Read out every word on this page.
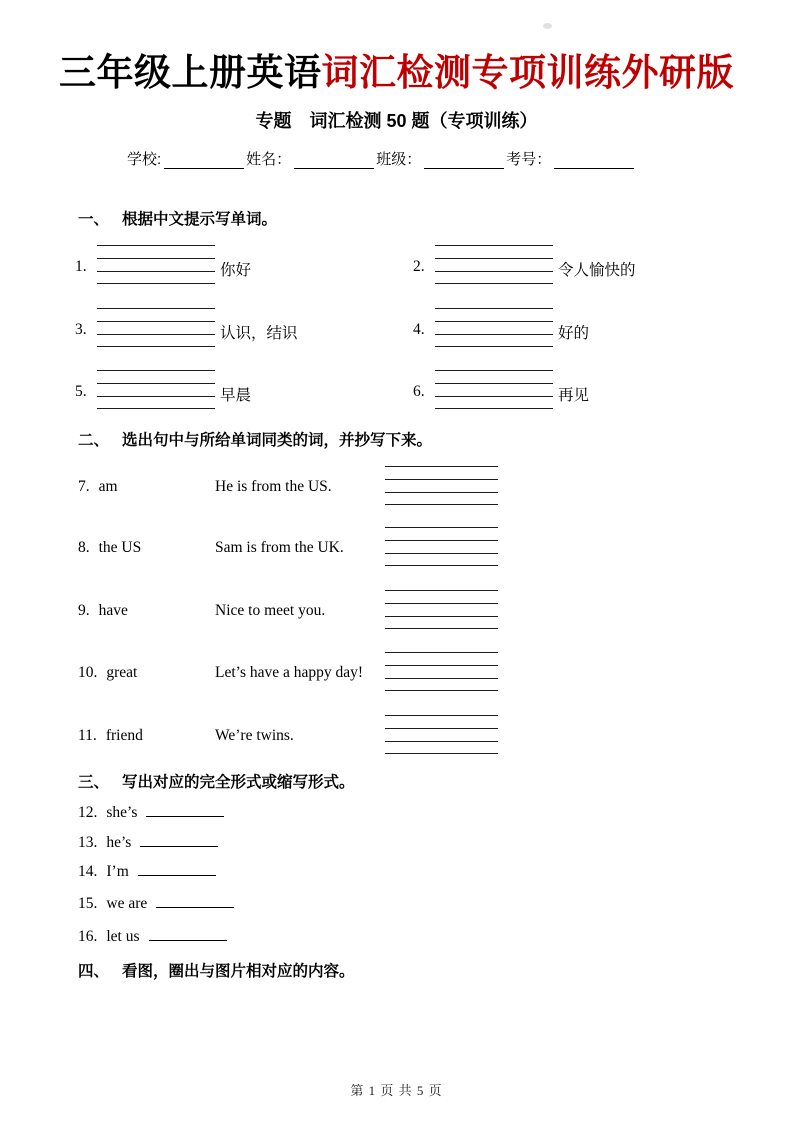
三年级上册英语词汇检测专项训练外研版
专题　词汇检测 50 题（专项训练）
学校:	姓名：	班级：	考号：
一、 根据中文提示写单词。
1.	你好	2.	令人愉快的
3.	认识，结识	4.	好的
5.	早晨	6.	再见
二、 选出句中与所给单词同类的词，并抄写下来。
7. am	He is from the US.
8. the US	Sam is from the UK.
9. have	Nice to meet you.
10. great	Let’s have a happy day!
11. friend	We’re twins.
三、 写出对应的完全形式或缩写形式。
12. she’s
13. he’s
14. I’m
15. we are
16. let us
四、 看图，圈出与图片相对应的内容。
第 1 页 共 5 页
